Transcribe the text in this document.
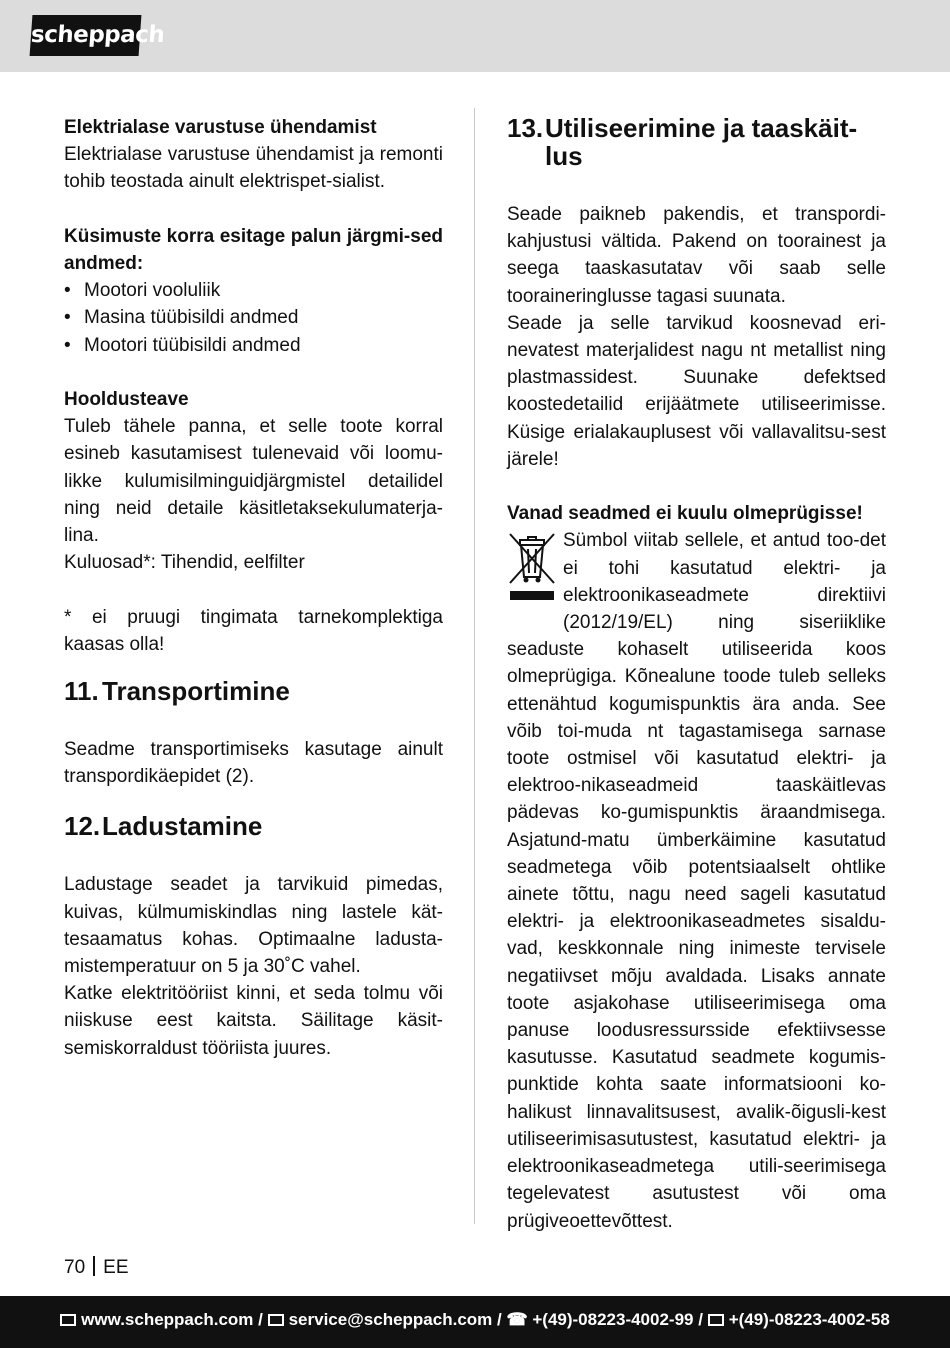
scheppach

Elektrialase varustuse ühendamist

Elektrialase varustuse ühendamist ja remonti tohib teostada ainult elektrispet-sialist.

Küsimuste korra esitage palun järgmi-sed andmed:

• Mootori vooluliik
• Masina tüübisildi andmed
• Mootori tüübisildi andmed

Hooldusteave

Tuleb tähele panna, et selle toote korral esineb kasutamisest tulenevaid või loomu-likke kulumisilminguidjärgmistel detailidel ning neid detaile käsitletaksekulumaterja-lina.

Kuluosad*: Tihendid, eelfilter

* ei pruugi tingimata tarnekomplektiga kaasas olla!

11. Transportimine

Seadme transportimiseks kasutage ainult transpordikäepidet (2).

12. Ladustamine

Ladustage seadet ja tarvikuid pimedas, kuivas, külmumiskindlas ning lastele kät-tesaamatus kohas. Optimaalne ladusta-mistemperatuur on 5 ja 30˚C vahel.

Katke elektritööriist kinni, et seda tolmu või niiskuse eest kaitsta. Säilitage käsit-semiskorraldust tööriista juures.

13. Utiliseerimine ja taaskäit-lus

Seade paikneb pakendis, et transpordi-kahjustusi vältida. Pakend on toorainest ja seega taaskasutatav või saab selle tooraineringlusse tagasi suunata.

Seade ja selle tarvikud koosnevad eri-nevatest materjalidest nagu nt metallist ning plastmassidest. Suunake defektsed koostedetailid erijäätmete utiliseerimisse. Küsige erialakauplusest või vallavalitsu-sest järele!

Vanad seadmed ei kuulu olmeprügisse!

Sümbol viitab sellele, et antud too-det ei tohi kasutatud elektri- ja elektroonikaseadmete direktiivi (2012/19/EL) ning siseriiklike seaduste kohaselt utiliseerida koos olmeprügiga. Kõnealune toode tuleb selleks ettenähtud kogumispunktis ära anda. See võib toi-muda nt tagastamisega sarnase toote ostmisel või kasutatud elektri- ja elektroo-nikaseadmeid taaskäitlevas pädevas ko-gumispunktis äraandmisega. Asjatund-matu ümberkäimine kasutatud seadmetega võib potentsiaalselt ohtlike ainete tõttu, nagu need sageli kasutatud elektri- ja elektroonikaseadmetes sisaldu-vad, keskkonnale ning inimeste tervisele negatiivset mõju avaldada. Lisaks annate toote asjakohase utiliseerimisega oma panuse loodusressursside efektiivsesse kasutusse. Kasutatud seadmete kogumis-punktide kohta saate informatsiooni ko-halikust linnavalitsusest, avalik-õigusli-kest utiliseerimisasutustest, kasutatud elektri- ja elektroonikaseadmetega utili-seerimisega tegelevatest asutustest või oma prügiveoettevõttest.

70 EE
www.scheppach.com / service@scheppach.com / ☎ +(49)-08223-4002-99 / +(49)-08223-4002-58
